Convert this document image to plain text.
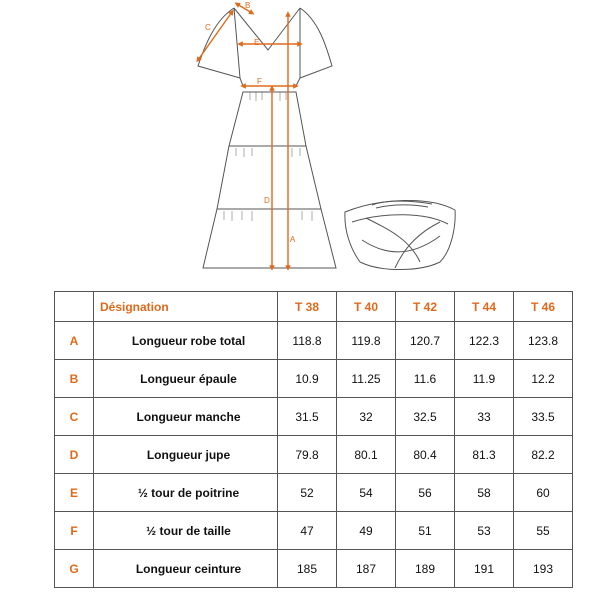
C
B
E
F
D
A
	Désignation	T 38	T 40	T 42	T 44	T 46
A	Longueur robe total	118.8	119.8	120.7	122.3	123.8
B	Longueur épaule	10.9	11.25	11.6	11.9	12.2
C	Longueur manche	31.5	32	32.5	33	33.5
D	Longueur jupe	79.8	80.1	80.4	81.3	82.2
E	½ tour de poitrine	52	54	56	58	60
F	½ tour de taille	47	49	51	53	55
G	Longueur ceinture	185	187	189	191	193
